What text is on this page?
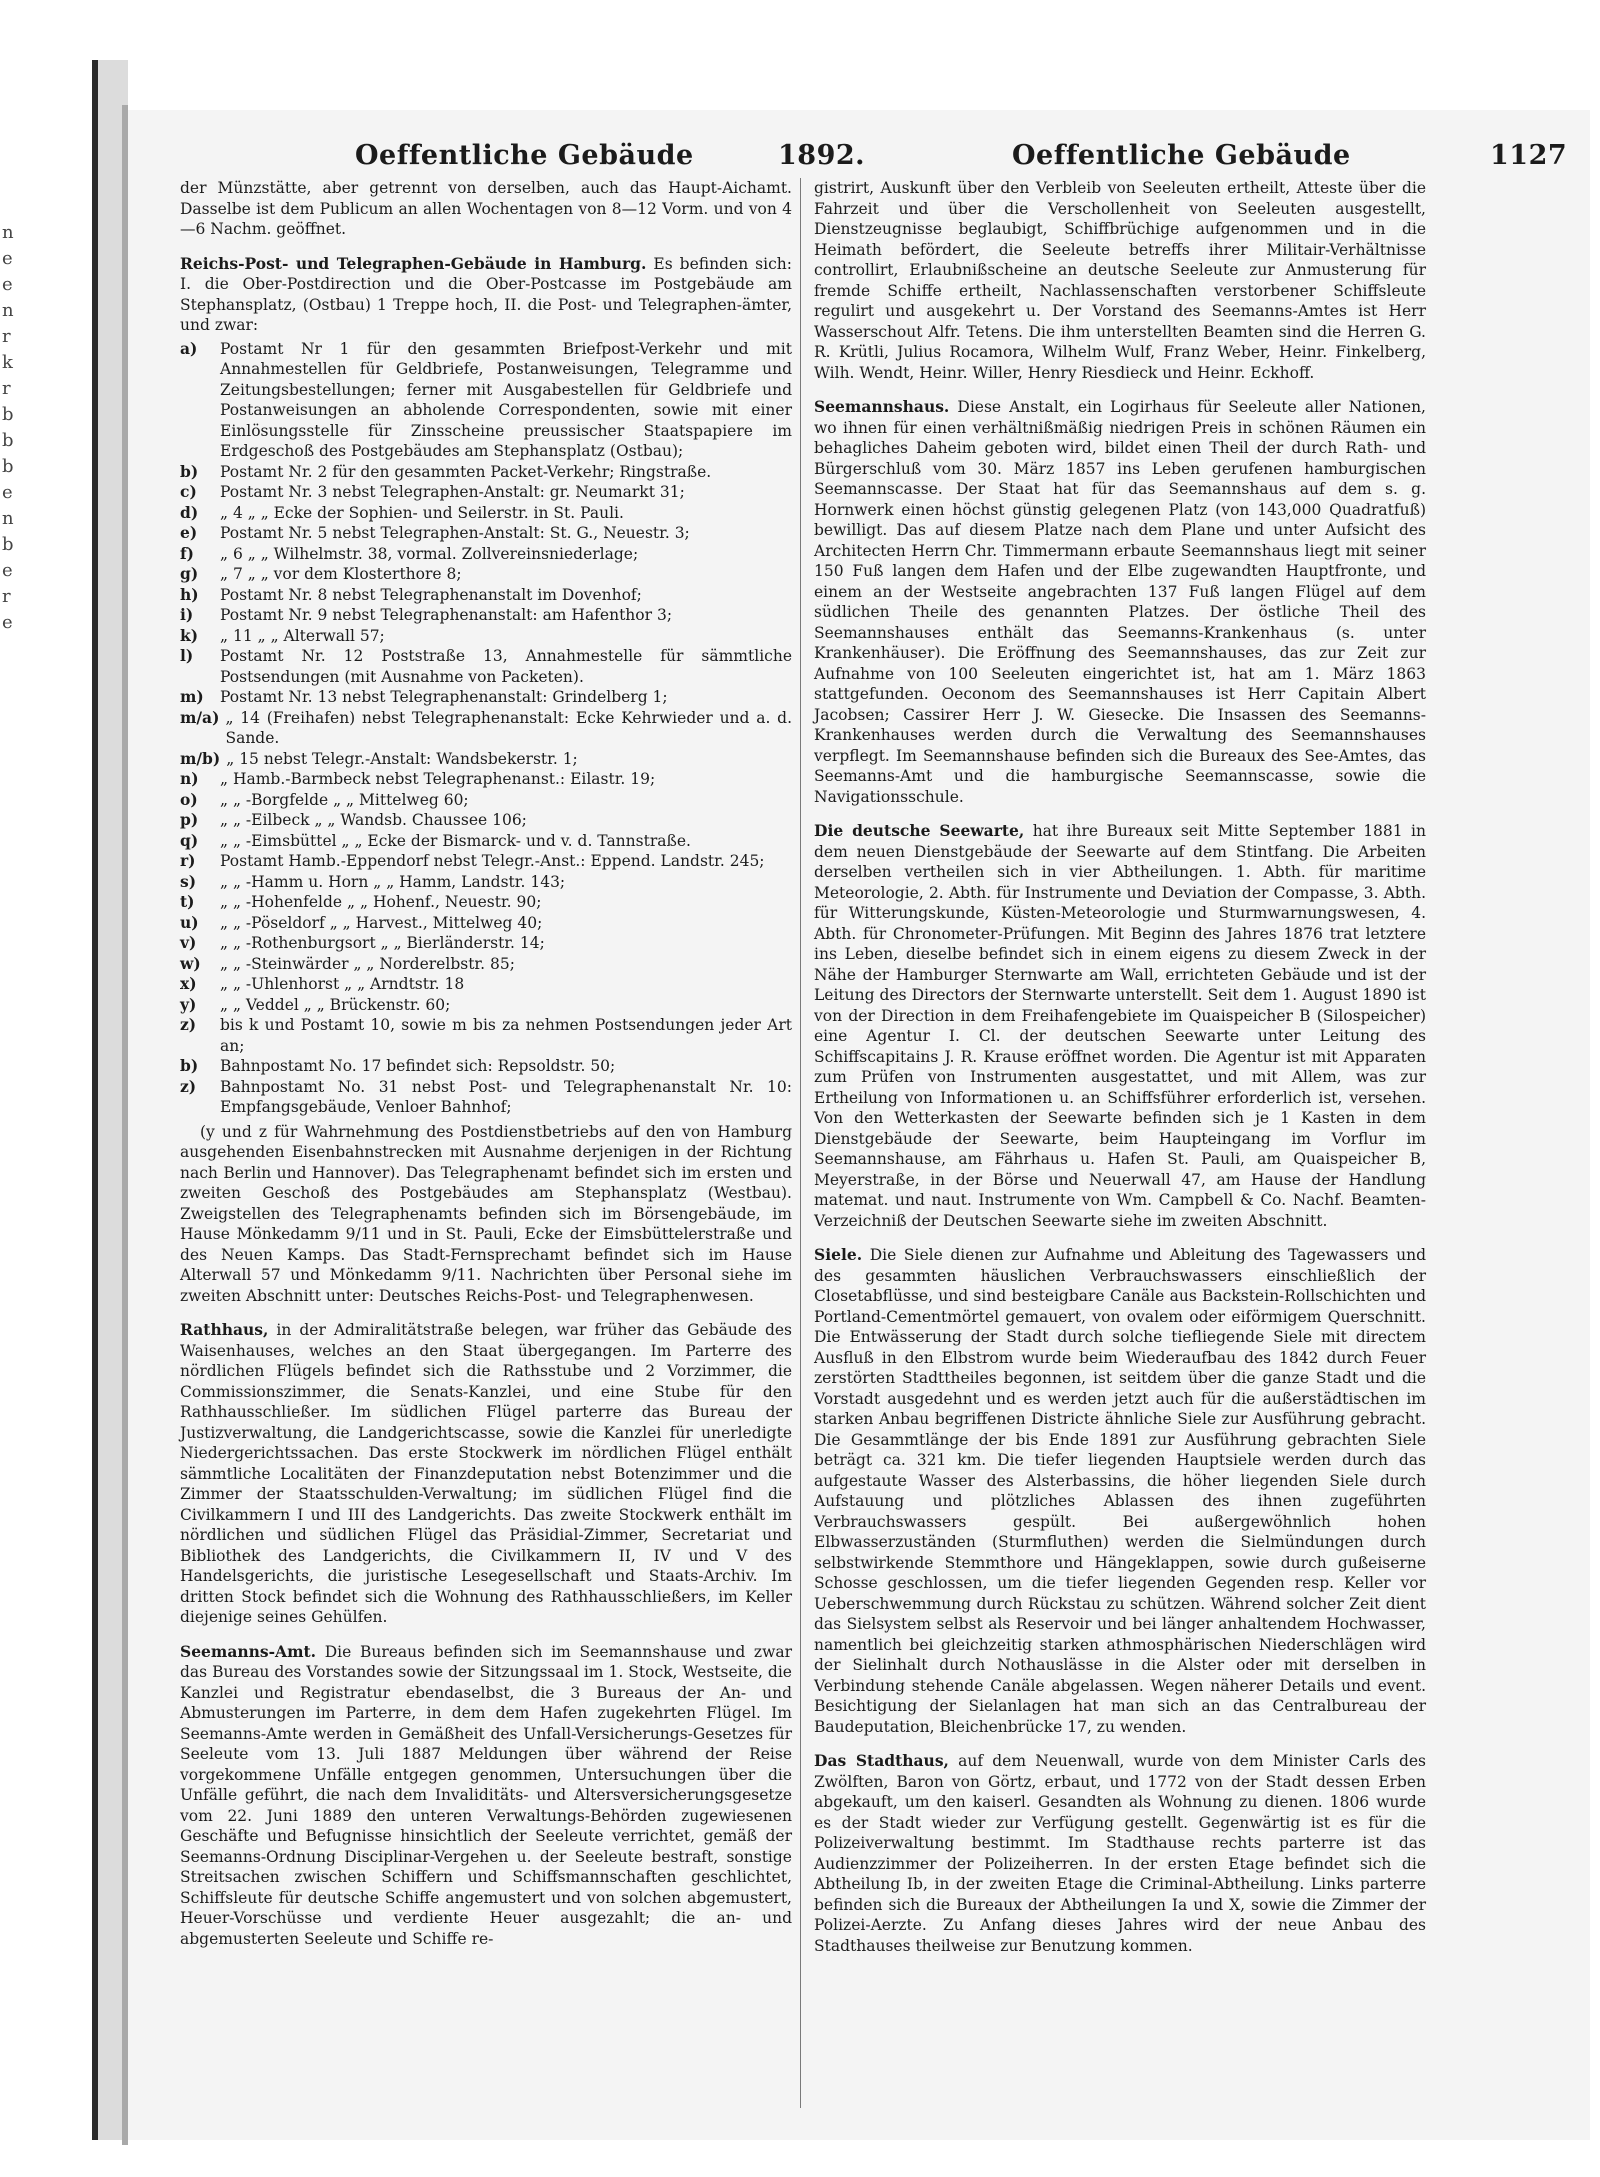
n
e
e
n
r
k
r
b
b
b
e
n
b
e
r
e
Oeffentliche Gebäude	1892.	Oeffentliche Gebäude	1127

der Münzstätte, aber getrennt von derselben, auch das Haupt-Aichamt. Dasselbe ist dem Publicum an allen Wochentagen von 8—12 Vorm. und von 4—6 Nachm. geöffnet.

Reichs-Post- und Telegraphen-Gebäude in Hamburg. Es befinden sich: I. die Ober-Postdirection und die Ober-Postcasse im Postgebäude am Stephansplatz, (Ostbau) 1 Treppe hoch, II. die Post- und Telegraphen-ämter, und zwar:

a)	Postamt Nr 1 für den gesammten Briefpost-Verkehr und mit Annahmestellen für Geldbriefe, Postanweisungen, Telegramme und Zeitungsbestellungen; ferner mit Ausgabestellen für Geldbriefe und Postanweisungen an abholende Correspondenten, sowie mit einer Einlösungsstelle für Zinsscheine preussischer Staatspapiere im Erdgeschoß des Postgebäudes am Stephansplatz (Ostbau);
b)	Postamt Nr. 2 für den gesammten Packet-Verkehr; Ringstraße.
c)	Postamt Nr. 3 nebst Telegraphen-Anstalt: gr. Neumarkt 31;
d)	„ 4 „ „ Ecke der Sophien- und Seilerstr. in St. Pauli.
e)	Postamt Nr. 5 nebst Telegraphen-Anstalt: St. G., Neuestr. 3;
f)	„ 6 „ „ Wilhelmstr. 38, vormal. Zollvereinsniederlage;
g)	„ 7 „ „ vor dem Klosterthore 8;
h)	Postamt Nr. 8 nebst Telegraphenanstalt im Dovenhof;
i)	Postamt Nr. 9 nebst Telegraphenanstalt: am Hafenthor 3;
k)	„ 11 „ „ Alterwall 57;
l)	Postamt Nr. 12 Poststraße 13, Annahmestelle für sämmtliche Postsendungen (mit Ausnahme von Packeten).
m)	Postamt Nr. 13 nebst Telegraphenanstalt: Grindelberg 1;
m/a) „ 14 (Freihafen) nebst Telegraphenanstalt: Ecke Kehrwieder und a. d. Sande.
m/b) „ 15 nebst Telegr.-Anstalt: Wandsbekerstr. 1;
n)	„ Hamb.-Barmbeck nebst Telegraphenanst.: Eilastr. 19;
o)	„ „ -Borgfelde „ „ Mittelweg 60;
p)	„ „ -Eilbeck „ „ Wandsb. Chaussee 106;
q)	„ „ -Eimsbüttel „ „ Ecke der Bismarck- und v. d. Tannstraße.
r)	Postamt Hamb.-Eppendorf nebst Telegr.-Anst.: Eppend. Landstr. 245;
s)	„ „ -Hamm u. Horn „ „ Hamm, Landstr. 143;
t)	„ „ -Hohenfelde „ „ Hohenf., Neuestr. 90;
u)	„ „ -Pöseldorf „ „ Harvest., Mittelweg 40;
v)	„ „ -Rothenburgsort „ „ Bierländerstr. 14;
w)	„ „ -Steinwärder „ „ Norderelbstr. 85;
x)	„ „ -Uhlenhorst „ „ Arndtstr. 18
y)	„ „ Veddel „ „ Brückenstr. 60;
z)	bis k und Postamt 10, sowie m bis za nehmen Postsendungen jeder Art an;
b)	Bahnpostamt No. 17 befindet sich: Repsoldstr. 50;
z)	Bahnpostamt No. 31 nebst Post- und Telegraphenanstalt Nr. 10: Empfangsgebäude, Venloer Bahnhof;

(y und z für Wahrnehmung des Postdienstbetriebs auf den von Hamburg ausgehenden Eisenbahnstrecken mit Ausnahme derjenigen in der Richtung nach Berlin und Hannover). Das Telegraphenamt befindet sich im ersten und zweiten Geschoß des Postgebäudes am Stephansplatz (Westbau). Zweigstellen des Telegraphenamts befinden sich im Börsengebäude, im Hause Mönkedamm 9/11 und in St. Pauli, Ecke der Eimsbüttelerstraße und des Neuen Kamps. Das Stadt-Fernsprechamt befindet sich im Hause Alterwall 57 und Mönkedamm 9/11. Nachrichten über Personal siehe im zweiten Abschnitt unter: Deutsches Reichs-Post- und Telegraphenwesen.

Rathhaus, in der Admiralitätstraße belegen, war früher das Gebäude des Waisenhauses, welches an den Staat übergegangen. Im Parterre des nördlichen Flügels befindet sich die Rathsstube und 2 Vorzimmer, die Commissionszimmer, die Senats-Kanzlei, und eine Stube für den Rathhausschließer. Im südlichen Flügel parterre das Bureau der Justizverwaltung, die Landgerichtscasse, sowie die Kanzlei für unerledigte Niedergerichtssachen. Das erste Stockwerk im nördlichen Flügel enthält sämmtliche Localitäten der Finanzdeputation nebst Botenzimmer und die Zimmer der Staatsschulden-Verwaltung; im südlichen Flügel find die Civilkammern I und III des Landgerichts. Das zweite Stockwerk enthält im nördlichen und südlichen Flügel das Präsidial-Zimmer, Secretariat und Bibliothek des Landgerichts, die Civilkammern II, IV und V des Handelsgerichts, die juristische Lesegesellschaft und Staats-Archiv. Im dritten Stock befindet sich die Wohnung des Rathhausschließers, im Keller diejenige seines Gehülfen.

Seemanns-Amt. Die Bureaus befinden sich im Seemannshause und zwar das Bureau des Vorstandes sowie der Sitzungssaal im 1. Stock, Westseite, die Kanzlei und Registratur ebendaselbst, die 3 Bureaus der An- und Abmusterungen im Parterre, in dem dem Hafen zugekehrten Flügel. Im Seemanns-Amte werden in Gemäßheit des Unfall-Versicherungs-Gesetzes für Seeleute vom 13. Juli 1887 Meldungen über während der Reise vorgekommene Unfälle entgegen genommen, Untersuchungen über die Unfälle geführt, die nach dem Invaliditäts- und Altersversicherungsgesetze vom 22. Juni 1889 den unteren Verwaltungs-Behörden zugewiesenen Geschäfte und Befugnisse hinsichtlich der Seeleute verrichtet, gemäß der Seemanns-Ordnung Disciplinar-Vergehen u. der Seeleute bestraft, sonstige Streitsachen zwischen Schiffern und Schiffsmannschaften geschlichtet, Schiffsleute für deutsche Schiffe angemustert und von solchen abgemustert, Heuer-Vorschüsse und verdiente Heuer ausgezahlt; die an- und abgemusterten Seeleute und Schiffe re-

gistrirt, Auskunft über den Verbleib von Seeleuten ertheilt, Atteste über die Fahrzeit und über die Verschollenheit von Seeleuten ausgestellt, Dienstzeugnisse beglaubigt, Schiffbrüchige aufgenommen und in die Heimath befördert, die Seeleute betreffs ihrer Militair-Verhältnisse controllirt, Erlaubnißscheine an deutsche Seeleute zur Anmusterung für fremde Schiffe ertheilt, Nachlassenschaften verstorbener Schiffsleute regulirt und ausgekehrt u. Der Vorstand des Seemanns-Amtes ist Herr Wasserschout Alfr. Tetens. Die ihm unterstellten Beamten sind die Herren G. R. Krütli, Julius Rocamora, Wilhelm Wulf, Franz Weber, Heinr. Finkelberg, Wilh. Wendt, Heinr. Willer, Henry Riesdieck und Heinr. Eckhoff.

Seemannshaus. Diese Anstalt, ein Logirhaus für Seeleute aller Nationen, wo ihnen für einen verhältnißmäßig niedrigen Preis in schönen Räumen ein behagliches Daheim geboten wird, bildet einen Theil der durch Rath- und Bürgerschluß vom 30. März 1857 ins Leben gerufenen hamburgischen Seemannscasse. Der Staat hat für das Seemannshaus auf dem s. g. Hornwerk einen höchst günstig gelegenen Platz (von 143,000 Quadratfuß) bewilligt. Das auf diesem Platze nach dem Plane und unter Aufsicht des Architecten Herrn Chr. Timmermann erbaute Seemannshaus liegt mit seiner 150 Fuß langen dem Hafen und der Elbe zugewandten Hauptfronte, und einem an der Westseite angebrachten 137 Fuß langen Flügel auf dem südlichen Theile des genannten Platzes. Der östliche Theil des Seemannshauses enthält das Seemanns-Krankenhaus (s. unter Krankenhäuser). Die Eröffnung des Seemannshauses, das zur Zeit zur Aufnahme von 100 Seeleuten eingerichtet ist, hat am 1. März 1863 stattgefunden. Oeconom des Seemannshauses ist Herr Capitain Albert Jacobsen; Cassirer Herr J. W. Giesecke. Die Insassen des Seemanns-Krankenhauses werden durch die Verwaltung des Seemannshauses verpflegt. Im Seemannshause befinden sich die Bureaux des See-Amtes, das Seemanns-Amt und die hamburgische Seemannscasse, sowie die Navigationsschule.

Die deutsche Seewarte, hat ihre Bureaux seit Mitte September 1881 in dem neuen Dienstgebäude der Seewarte auf dem Stintfang. Die Arbeiten derselben vertheilen sich in vier Abtheilungen. 1. Abth. für maritime Meteorologie, 2. Abth. für Instrumente und Deviation der Compasse, 3. Abth. für Witterungskunde, Küsten-Meteorologie und Sturmwarnungswesen, 4. Abth. für Chronometer-Prüfungen. Mit Beginn des Jahres 1876 trat letztere ins Leben, dieselbe befindet sich in einem eigens zu diesem Zweck in der Nähe der Hamburger Sternwarte am Wall, errichteten Gebäude und ist der Leitung des Directors der Sternwarte unterstellt. Seit dem 1. August 1890 ist von der Direction in dem Freihafengebiete im Quaispeicher B (Silospeicher) eine Agentur I. Cl. der deutschen Seewarte unter Leitung des Schiffscapitains J. R. Krause eröffnet worden. Die Agentur ist mit Apparaten zum Prüfen von Instrumenten ausgestattet, und mit Allem, was zur Ertheilung von Informationen u. an Schiffsführer erforderlich ist, versehen. Von den Wetterkasten der Seewarte befinden sich je 1 Kasten in dem Dienstgebäude der Seewarte, beim Haupteingang im Vorflur im Seemannshause, am Fährhaus u. Hafen St. Pauli, am Quaispeicher B, Meyerstraße, in der Börse und Neuerwall 47, am Hause der Handlung matemat. und naut. Instrumente von Wm. Campbell & Co. Nachf. Beamten-Verzeichniß der Deutschen Seewarte siehe im zweiten Abschnitt.

Siele. Die Siele dienen zur Aufnahme und Ableitung des Tagewassers und des gesammten häuslichen Verbrauchswassers einschließlich der Closetabflüsse, und sind besteigbare Canäle aus Backstein-Rollschichten und Portland-Cementmörtel gemauert, von ovalem oder eiförmigem Querschnitt. Die Entwässerung der Stadt durch solche tiefliegende Siele mit directem Ausfluß in den Elbstrom wurde beim Wiederaufbau des 1842 durch Feuer zerstörten Stadttheiles begonnen, ist seitdem über die ganze Stadt und die Vorstadt ausgedehnt und es werden jetzt auch für die außerstädtischen im starken Anbau begriffenen Districte ähnliche Siele zur Ausführung gebracht. Die Gesammtlänge der bis Ende 1891 zur Ausführung gebrachten Siele beträgt ca. 321 km. Die tiefer liegenden Hauptsiele werden durch das aufgestaute Wasser des Alsterbassins, die höher liegenden Siele durch Aufstauung und plötzliches Ablassen des ihnen zugeführten Verbrauchswassers gespült. Bei außergewöhnlich hohen Elbwasserzuständen (Sturmfluthen) werden die Sielmündungen durch selbstwirkende Stemmthore und Hängeklappen, sowie durch gußeiserne Schosse geschlossen, um die tiefer liegenden Gegenden resp. Keller vor Ueberschwemmung durch Rückstau zu schützen. Während solcher Zeit dient das Sielsystem selbst als Reservoir und bei länger anhaltendem Hochwasser, namentlich bei gleichzeitig starken athmosphärischen Niederschlägen wird der Sielinhalt durch Nothauslässe in die Alster oder mit derselben in Verbindung stehende Canäle abgelassen. Wegen näherer Details und event. Besichtigung der Sielanlagen hat man sich an das Centralbureau der Baudeputation, Bleichenbrücke 17, zu wenden.

Das Stadthaus, auf dem Neuenwall, wurde von dem Minister Carls des Zwölften, Baron von Görtz, erbaut, und 1772 von der Stadt dessen Erben abgekauft, um den kaiserl. Gesandten als Wohnung zu dienen. 1806 wurde es der Stadt wieder zur Verfügung gestellt. Gegenwärtig ist es für die Polizeiverwaltung bestimmt. Im Stadthause rechts parterre ist das Audienzzimmer der Polizeiherren. In der ersten Etage befindet sich die Abtheilung Ib, in der zweiten Etage die Criminal-Abtheilung. Links parterre befinden sich die Bureaux der Abtheilungen Ia und X, sowie die Zimmer der Polizei-Aerzte. Zu Anfang dieses Jahres wird der neue Anbau des Stadthauses theilweise zur Benutzung kommen.
